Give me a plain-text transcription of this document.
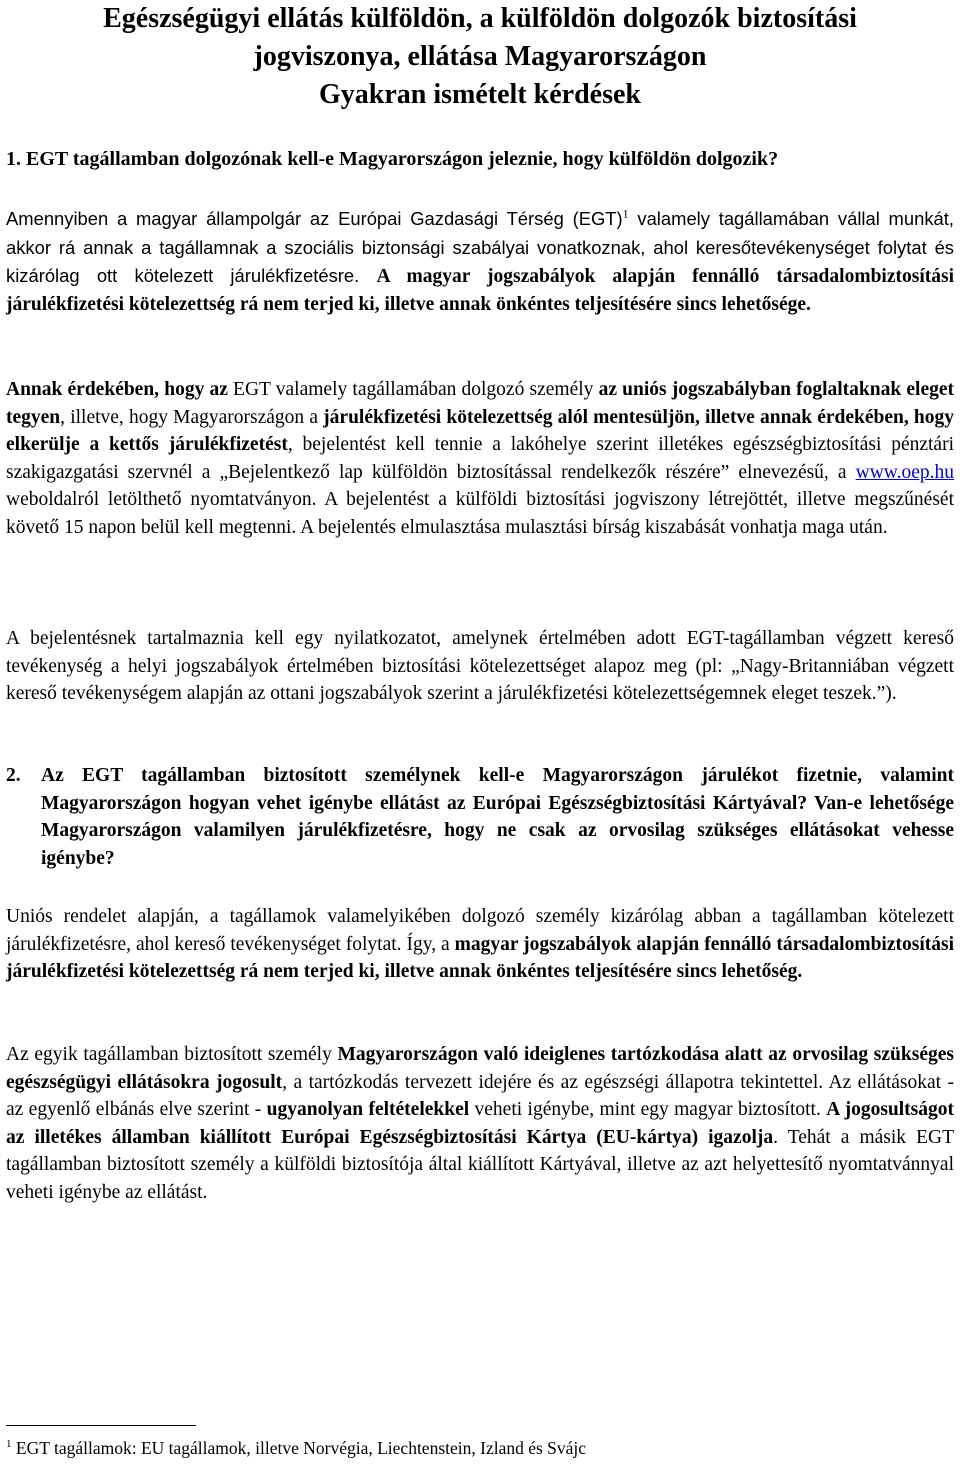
Egészségügyi ellátás külföldön, a külföldön dolgozók biztosítási
jogviszonya, ellátása Magyarországon
Gyakran ismételt kérdések
1. EGT tagállamban dolgozónak kell-e Magyarországon jeleznie, hogy külföldön dolgozik?

Amennyiben a magyar állampolgár az Európai Gazdasági Térség (EGT)$^1$ valamely tagállamában vállal munkát, akkor rá annak a tagállamnak a szociális biztonsági szabályai vonatkoznak, ahol keresőtevékenységet folytat és kizárólag ott kötelezett járulékfizetésre. A magyar jogszabályok alapján fennálló társadalombiztosítási járulékfizetési kötelezettség rá nem terjed ki, illetve annak önkéntes teljesítésére sincs lehetősége.

Annak érdekében, hogy az EGT valamely tagállamában dolgozó személy az uniós jogszabályban foglaltaknak eleget tegyen, illetve, hogy Magyarországon a járulékfizetési kötelezettség alól mentesüljön, illetve annak érdekében, hogy elkerülje a kettős járulékfizetést, bejelentést kell tennie a lakóhelye szerint illetékes egészségbiztosítási pénztári szakigazgatási szervnél a „Bejelentkező lap külföldön biztosítással rendelkezők részére” elnevezésű, a www.oep.hu weboldalról letölthető nyomtatványon. A bejelentést a külföldi biztosítási jogviszony létrejöttét, illetve megszűnését követő 15 napon belül kell megtenni. A bejelentés elmulasztása mulasztási bírság kiszabását vonhatja maga után.

A bejelentésnek tartalmaznia kell egy nyilatkozatot, amelynek értelmében adott EGT-tagállamban végzett kereső tevékenység a helyi jogszabályok értelmében biztosítási kötelezettséget alapoz meg (pl: „Nagy-Britanniában végzett kereső tevékenységem alapján az ottani jogszabályok szerint a járulékfizetési kötelezettségemnek eleget teszek.”).

2. Az EGT tagállamban biztosított személynek kell-e Magyarországon járulékot fizetnie, valamint Magyarországon hogyan vehet igénybe ellátást az Európai Egészségbiztosítási Kártyával? Van-e lehetősége Magyarországon valamilyen járulékfizetésre, hogy ne csak az orvosilag szükséges ellátásokat vehesse igénybe?

Uniós rendelet alapján, a tagállamok valamelyikében dolgozó személy kizárólag abban a tagállamban kötelezett járulékfizetésre, ahol kereső tevékenységet folytat. Így, a magyar jogszabályok alapján fennálló társadalombiztosítási járulékfizetési kötelezettség rá nem terjed ki, illetve annak önkéntes teljesítésére sincs lehetőség.

Az egyik tagállamban biztosított személy Magyarországon való ideiglenes tartózkodása alatt az orvosilag szükséges egészségügyi ellátásokra jogosult, a tartózkodás tervezett idejére és az egészségi állapotra tekintettel. Az ellátásokat - az egyenlő elbánás elve szerint - ugyanolyan feltételekkel veheti igénybe, mint egy magyar biztosított. A jogosultságot az illetékes államban kiállított Európai Egészségbiztosítási Kártya (EU-kártya) igazolja. Tehát a másik EGT tagállamban biztosított személy a külföldi biztosítója által kiállított Kártyával, illetve az azt helyettesítő nyomtatvánnyal veheti igénybe az ellátást.

$^1$ EGT tagállamok: EU tagállamok, illetve Norvégia, Liechtenstein, Izland és Svájc
